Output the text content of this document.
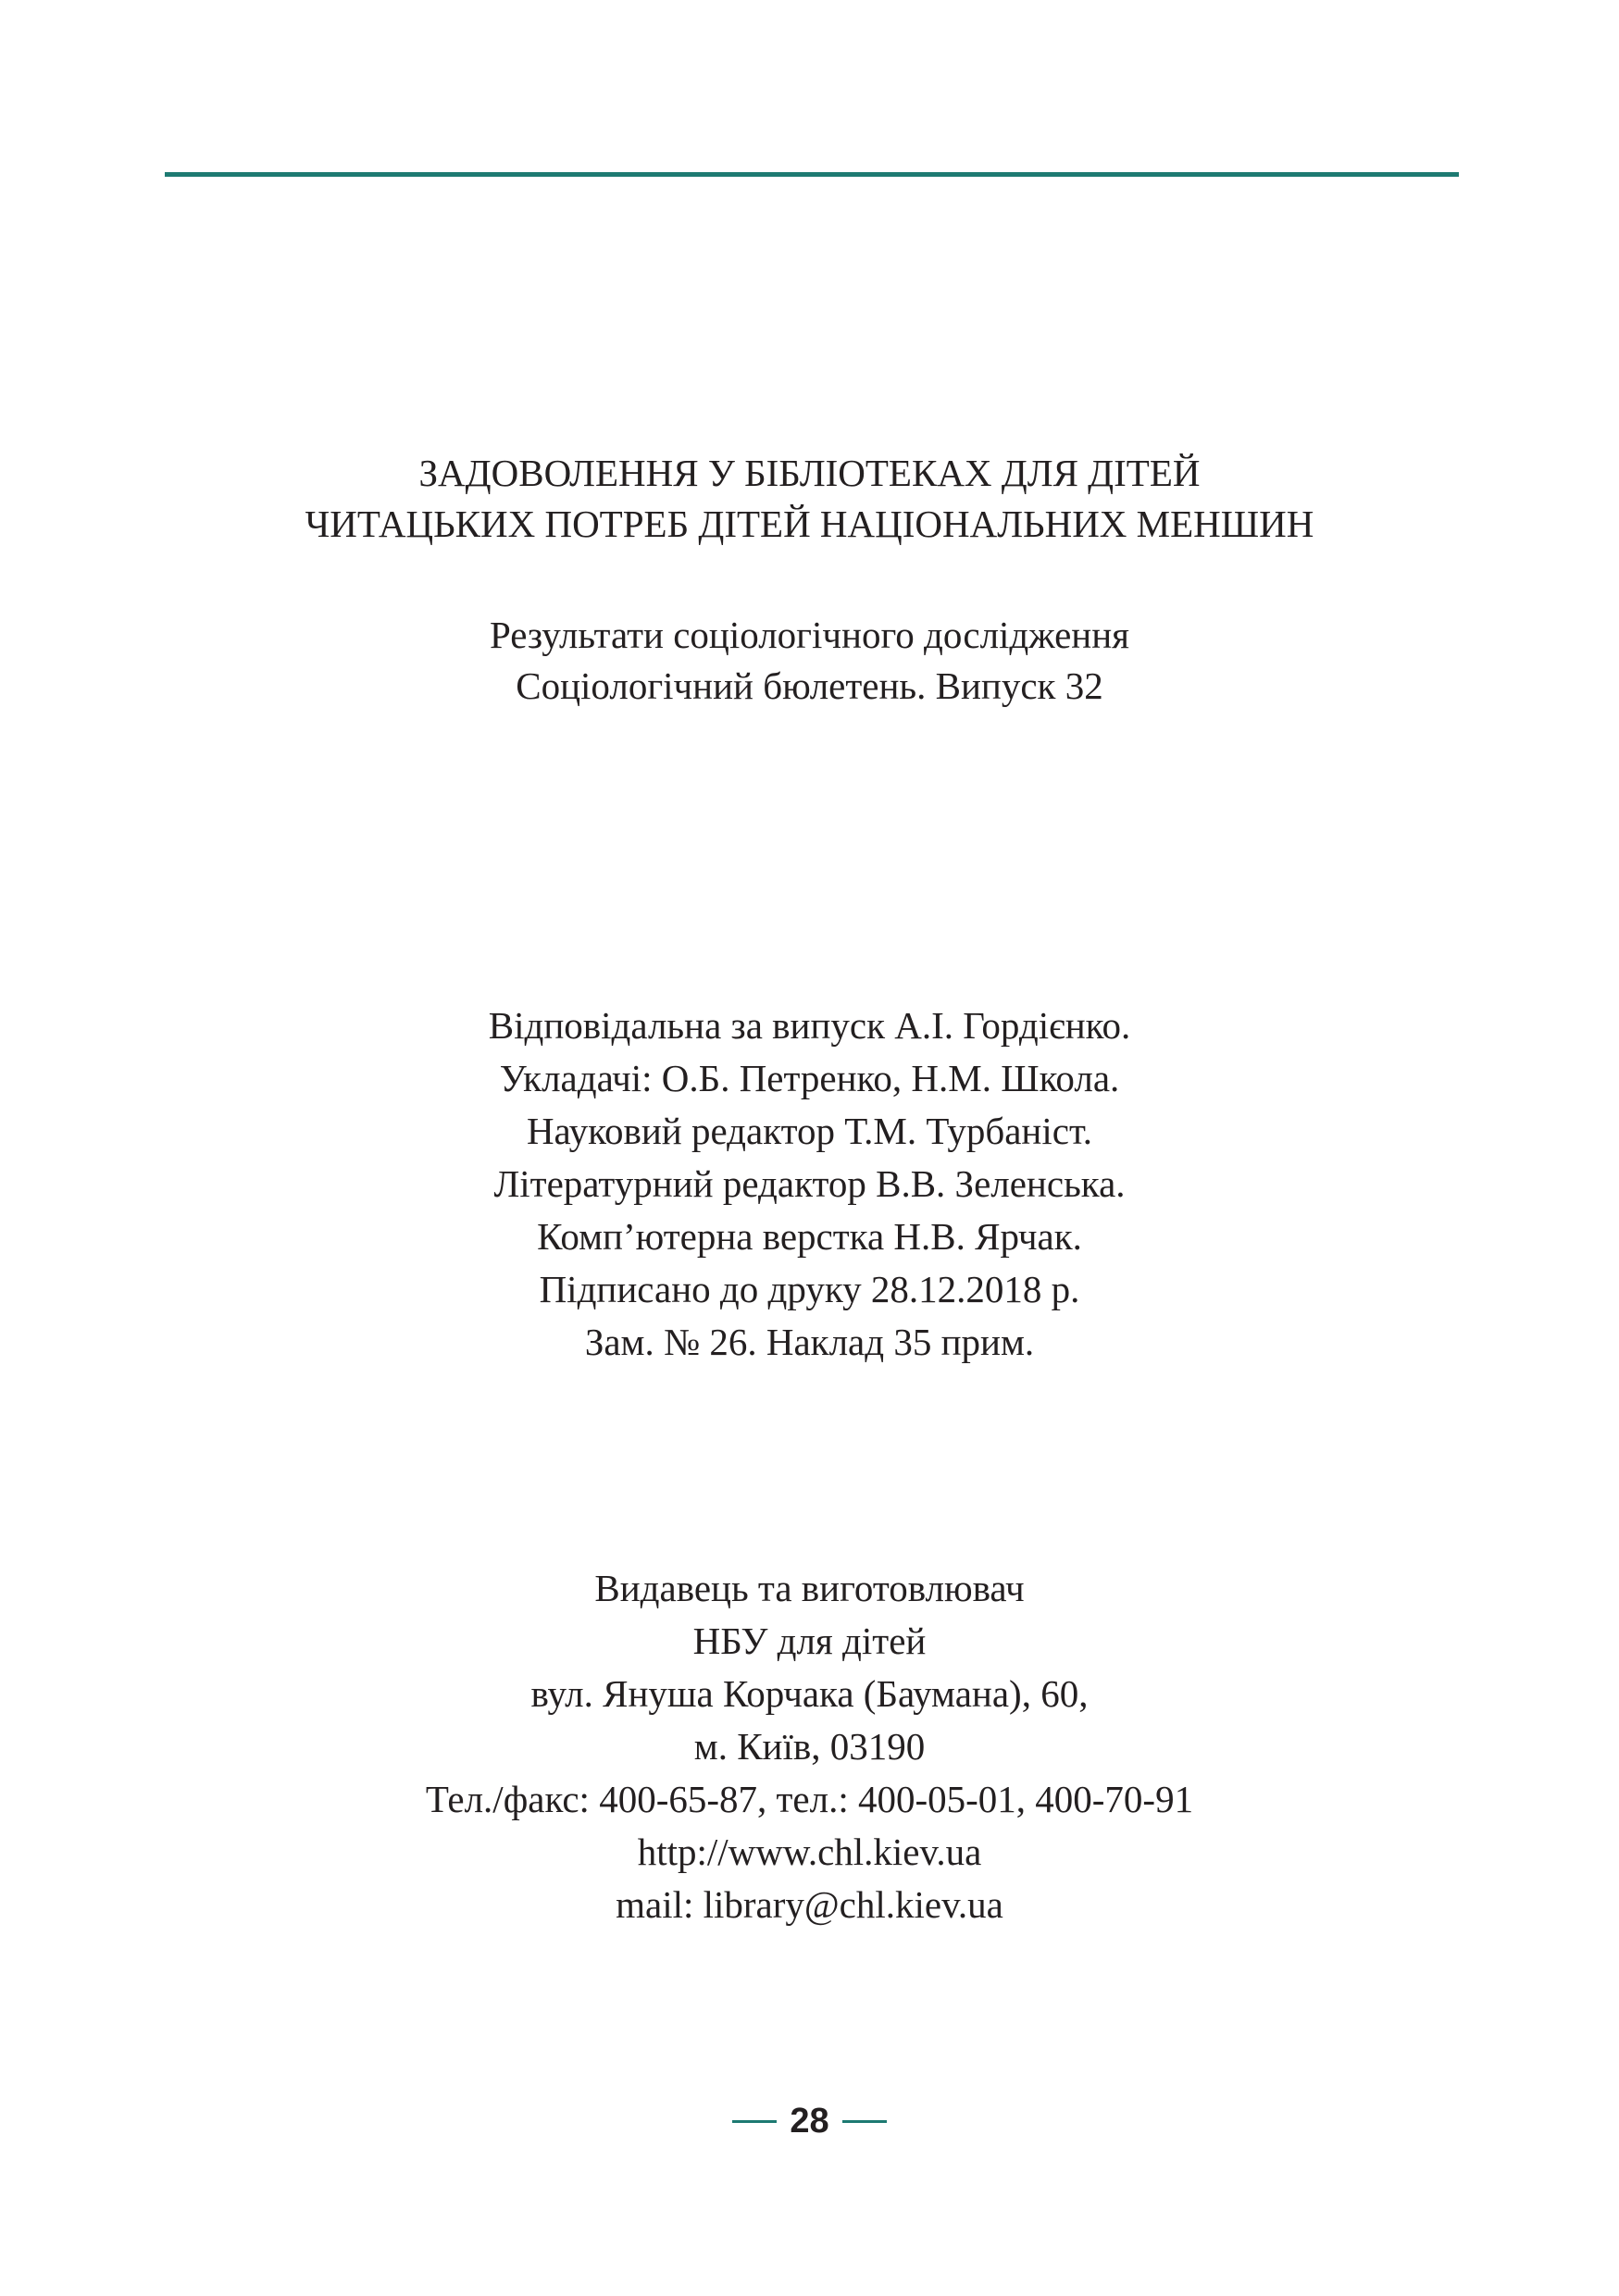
ЗАДОВОЛЕННЯ У БІБЛІОТЕКАХ ДЛЯ ДІТЕЙ
ЧИТАЦЬКИХ ПОТРЕБ ДІТЕЙ НАЦІОНАЛЬНИХ МЕНШИН
Результати соціологічного дослідження
Соціологічний бюлетень. Випуск 32
Відповідальна за випуск А.І. Гордієнко.
Укладачі: О.Б. Петренко, Н.М. Школа.
Науковий редактор Т.М. Турбаніст.
Літературний редактор В.В. Зеленська.
Комп’ютерна верстка Н.В. Ярчак.
Підписано до друку 28.12.2018 р.
Зам. № 26. Наклад 35 прим.
Видавець та виготовлювач
НБУ для дітей
вул. Януша Корчака (Баумана), 60,
м. Київ, 03190
Тел./факс: 400-65-87, тел.: 400-05-01, 400-70-91
http://www.chl.kiev.ua
mail: library@chl.kiev.ua
28
